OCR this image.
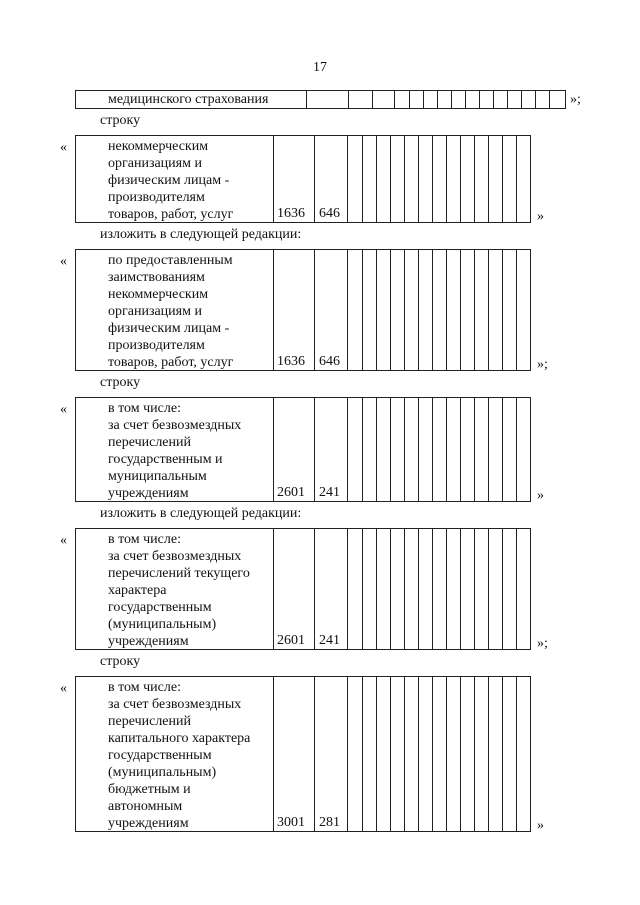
17
медицинского страхования	»;
строку
«	некоммерческим
организациям и
физическим лицам -
производителям
товаров, работ, услуг	1636 646	»
изложить в следующей редакции:
«	по предоставленным
заимствованиям
некоммерческим
организациям и
физическим лицам -
производителям
товаров, работ, услуг	1636 646	»;
строку
«	в том числе:
за счет безвозмездных
перечислений
государственным и
муниципальным
учреждениям	2601 241	»
изложить в следующей редакции:
«	в том числе:
за счет безвозмездных
перечислений текущего
характера
государственным
(муниципальным)
учреждениям	2601 241	»;
строку
«	в том числе:
за счет безвозмездных
перечислений
капитального характера
государственным
(муниципальным)
бюджетным и
автономным
учреждениям	3001 281	»
